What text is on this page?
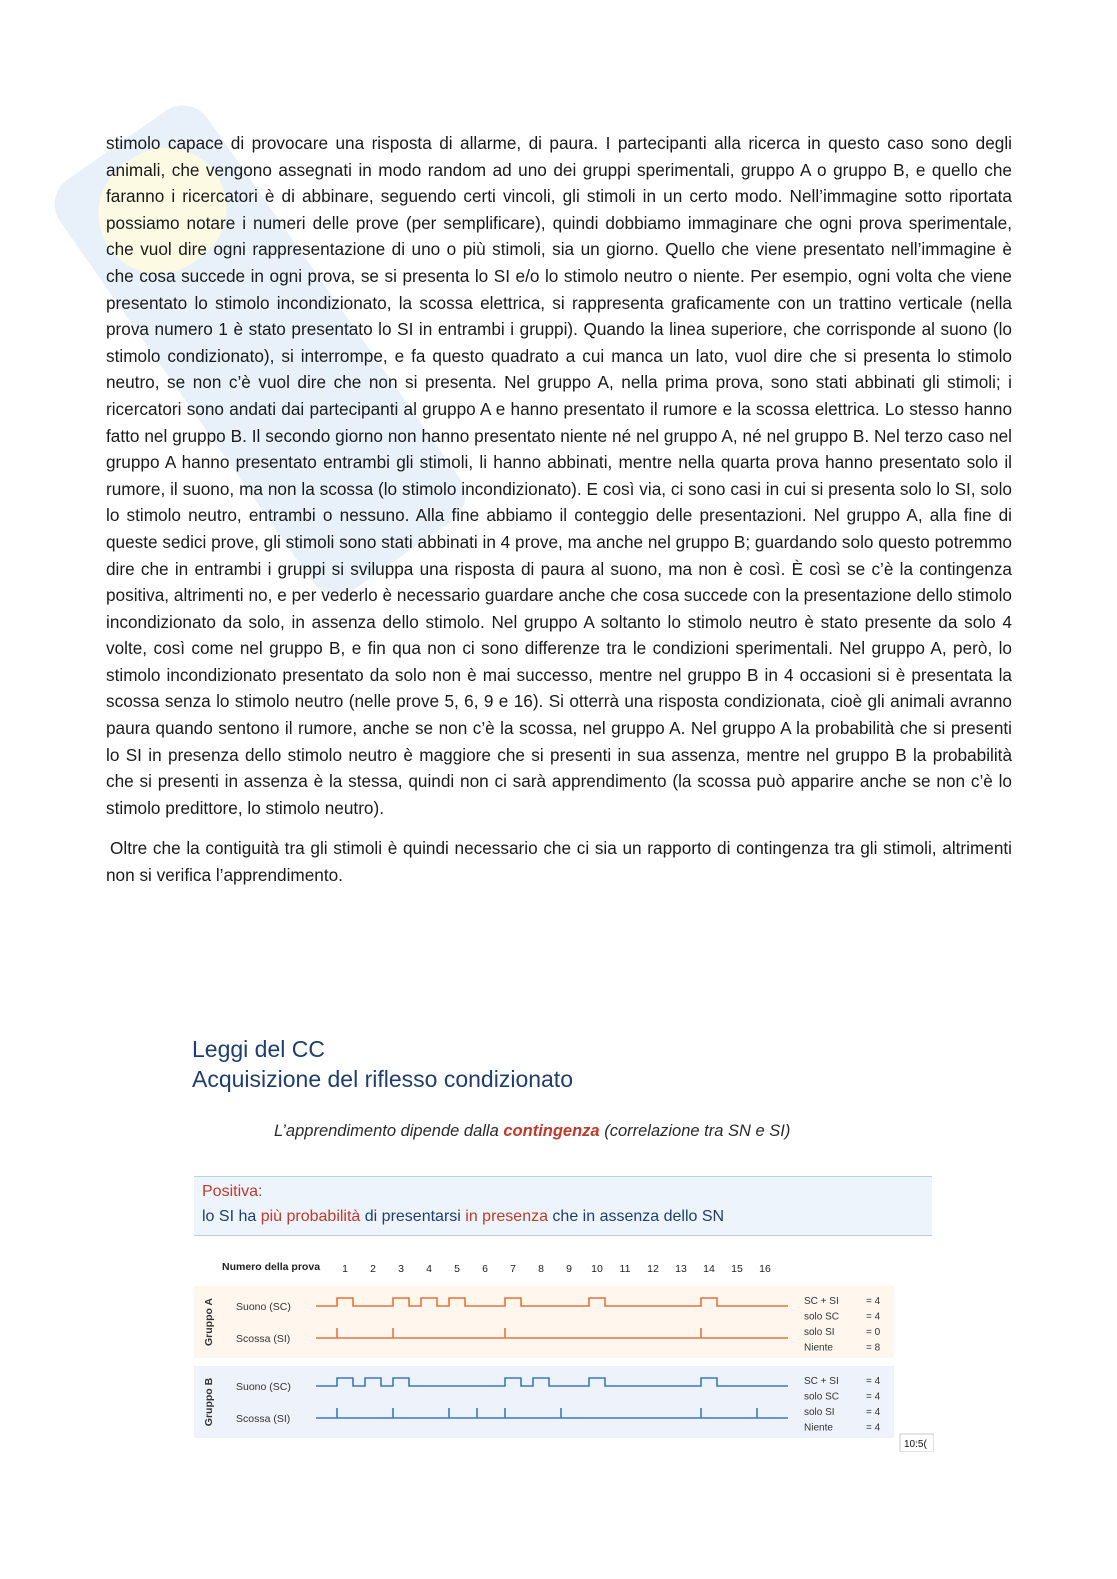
stimolo capace di provocare una risposta di allarme, di paura. I partecipanti alla ricerca in questo caso sono degli animali, che vengono assegnati in modo random ad uno dei gruppi sperimentali, gruppo A o gruppo B, e quello che faranno i ricercatori è di abbinare, seguendo certi vincoli, gli stimoli in un certo modo. Nell’immagine sotto riportata possiamo notare i numeri delle prove (per semplificare), quindi dobbiamo immaginare che ogni prova sperimentale, che vuol dire ogni rappresentazione di uno o più stimoli, sia un giorno. Quello che viene presentato nell’immagine è che cosa succede in ogni prova, se si presenta lo SI e/o lo stimolo neutro o niente. Per esempio, ogni volta che viene presentato lo stimolo incondizionato, la scossa elettrica, si rappresenta graficamente con un trattino verticale (nella prova numero 1 è stato presentato lo SI in entrambi i gruppi). Quando la linea superiore, che corrisponde al suono (lo stimolo condizionato), si interrompe, e fa questo quadrato a cui manca un lato, vuol dire che si presenta lo stimolo neutro, se non c’è vuol dire che non si presenta. Nel gruppo A, nella prima prova, sono stati abbinati gli stimoli; i ricercatori sono andati dai partecipanti al gruppo A e hanno presentato il rumore e la scossa elettrica. Lo stesso hanno fatto nel gruppo B. Il secondo giorno non hanno presentato niente né nel gruppo A, né nel gruppo B. Nel terzo caso nel gruppo A hanno presentato entrambi gli stimoli, li hanno abbinati, mentre nella quarta prova hanno presentato solo il rumore, il suono, ma non la scossa (lo stimolo incondizionato). E così via, ci sono casi in cui si presenta solo lo SI, solo lo stimolo neutro, entrambi o nessuno. Alla fine abbiamo il conteggio delle presentazioni. Nel gruppo A, alla fine di queste sedici prove, gli stimoli sono stati abbinati in 4 prove, ma anche nel gruppo B; guardando solo questo potremmo dire che in entrambi i gruppi si sviluppa una risposta di paura al suono, ma non è così. È così se c’è la contingenza positiva, altrimenti no, e per vederlo è necessario guardare anche che cosa succede con la presentazione dello stimolo incondizionato da solo, in assenza dello stimolo. Nel gruppo A soltanto lo stimolo neutro è stato presente da solo 4 volte, così come nel gruppo B, e fin qua non ci sono differenze tra le condizioni sperimentali. Nel gruppo A, però, lo stimolo incondizionato presentato da solo non è mai successo, mentre nel gruppo B in 4 occasioni si è presentata la scossa senza lo stimolo neutro (nelle prove 5, 6, 9 e 16). Si otterrà una risposta condizionata, cioè gli animali avranno paura quando sentono il rumore, anche se non c’è la scossa, nel gruppo A. Nel gruppo A la probabilità che si presenti lo SI in presenza dello stimolo neutro è maggiore che si presenti in sua assenza, mentre nel gruppo B la probabilità che si presenti in assenza è la stessa, quindi non ci sarà apprendimento (la scossa può apparire anche se non c’è lo stimolo predittore, lo stimolo neutro).

Oltre che la contiguità tra gli stimoli è quindi necessario che ci sia un rapporto di contingenza tra gli stimoli, altrimenti non si verifica l’apprendimento.

Leggi del CC
Acquisizione del riflesso condizionato
L’apprendimento dipende dalla contingenza (correlazione tra SN e SI)
Positiva:
lo SI ha più probabilità di presentarsi in presenza che in assenza dello SN
Numero della prova 1 2 3 4 5 6 7 8 9 10 11 12 13 14 15 16
Gruppo A Suono (SC)
Scossa (SI)
SC + SI	= 4
solo SC	= 4
solo SI	= 0
Niente	= 8
Gruppo B Suono (SC)
Scossa (SI)
SC + SI	= 4
solo SC	= 4
solo SI	= 4
Niente	= 4
10:5(
